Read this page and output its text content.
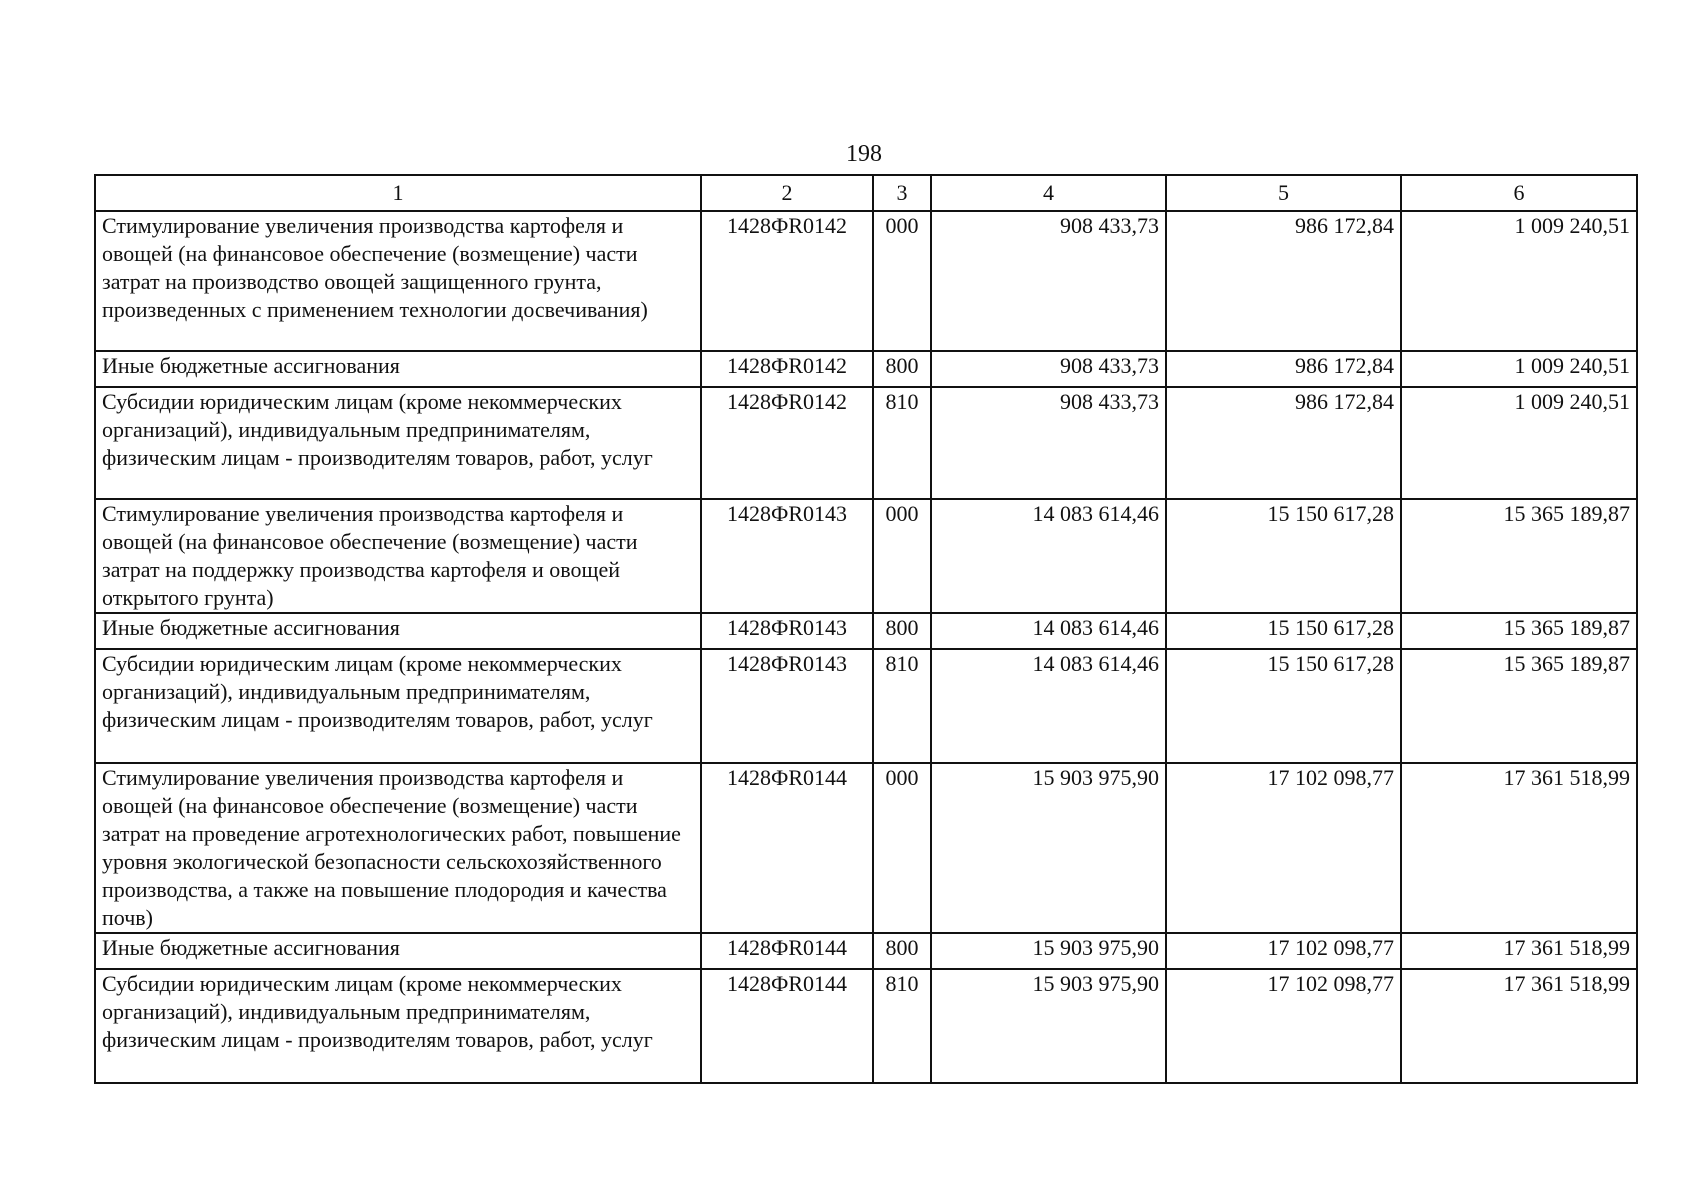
198
1	2	3	4	5	6
Стимулирование увеличения производства картофеля и овощей (на финансовое обеспечение (возмещение) части затрат на производство овощей защищенного грунта, произведенных с применением технологии досвечивания)	1428ФR0142	000	908 433,73	986 172,84	1 009 240,51
Иные бюджетные ассигнования	1428ФR0142	800	908 433,73	986 172,84	1 009 240,51
Субсидии юридическим лицам (кроме некоммерческих организаций), индивидуальным предпринимателям, физическим лицам - производителям товаров, работ, услуг	1428ФR0142	810	908 433,73	986 172,84	1 009 240,51
Стимулирование увеличения производства картофеля и овощей (на финансовое обеспечение (возмещение) части затрат на поддержку производства картофеля и овощей открытого грунта)	1428ФR0143	000	14 083 614,46	15 150 617,28	15 365 189,87
Иные бюджетные ассигнования	1428ФR0143	800	14 083 614,46	15 150 617,28	15 365 189,87
Субсидии юридическим лицам (кроме некоммерческих организаций), индивидуальным предпринимателям, физическим лицам - производителям товаров, работ, услуг	1428ФR0143	810	14 083 614,46	15 150 617,28	15 365 189,87
Стимулирование увеличения производства картофеля и овощей (на финансовое обеспечение (возмещение) части затрат на проведение агротехнологических работ, повышение уровня экологической безопасности сельскохозяйственного производства, а также на повышение плодородия и качества почв)	1428ФR0144	000	15 903 975,90	17 102 098,77	17 361 518,99
Иные бюджетные ассигнования	1428ФR0144	800	15 903 975,90	17 102 098,77	17 361 518,99
Субсидии юридическим лицам (кроме некоммерческих организаций), индивидуальным предпринимателям, физическим лицам - производителям товаров, работ, услуг	1428ФR0144	810	15 903 975,90	17 102 098,77	17 361 518,99
